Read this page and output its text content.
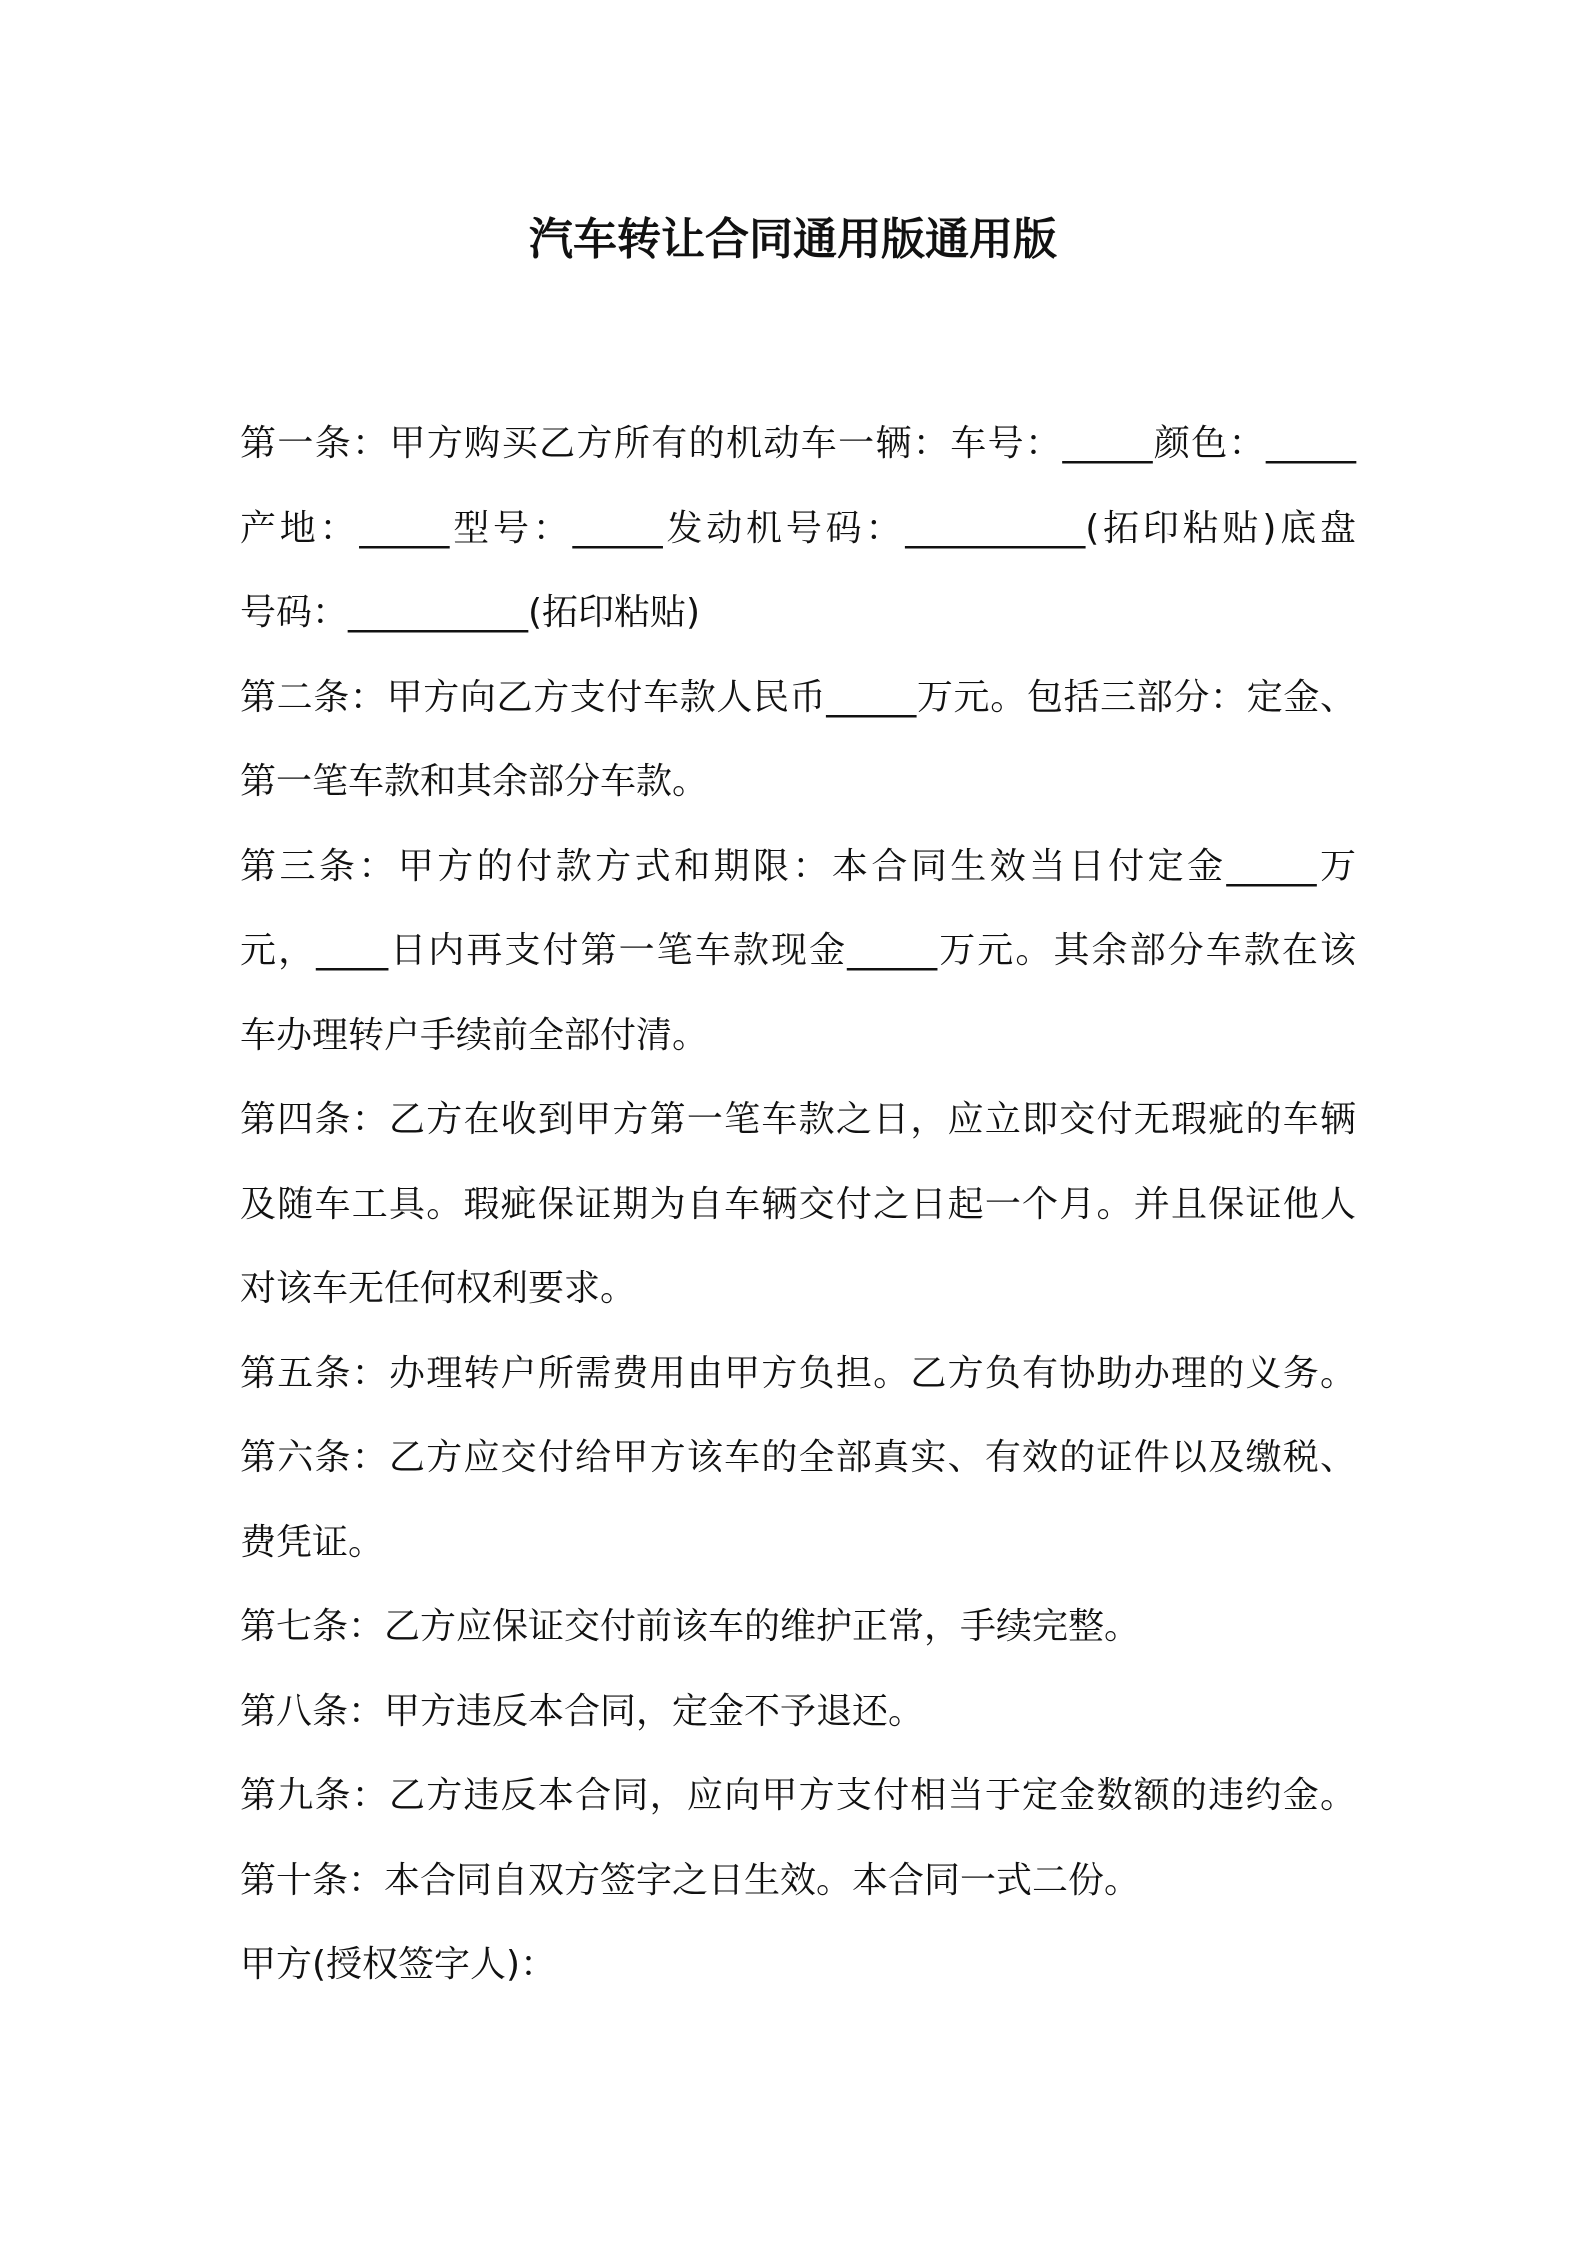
汽车转让合同通用版通用版
第一条：甲方购买乙方所有的机动车一辆：车号：_____颜色：_____
产地：_____型号：_____发动机号码：__________(拓印粘贴)底盘
号码：__________(拓印粘贴)
第二条：甲方向乙方支付车款人民币_____万元。包括三部分：定金、
第一笔车款和其余部分车款。
第三条：甲方的付款方式和期限：本合同生效当日付定金_____万
元，____日内再支付第一笔车款现金_____万元。其余部分车款在该
车办理转户手续前全部付清。
第四条：乙方在收到甲方第一笔车款之日，应立即交付无瑕疵的车辆
及随车工具。瑕疵保证期为自车辆交付之日起一个月。并且保证他人
对该车无任何权利要求。
第五条：办理转户所需费用由甲方负担。乙方负有协助办理的义务。
第六条：乙方应交付给甲方该车的全部真实、有效的证件以及缴税、
费凭证。
第七条：乙方应保证交付前该车的维护正常，手续完整。
第八条：甲方违反本合同，定金不予退还。
第九条：乙方违反本合同，应向甲方支付相当于定金数额的违约金。
第十条：本合同自双方签字之日生效。本合同一式二份。
甲方(授权签字人)：
